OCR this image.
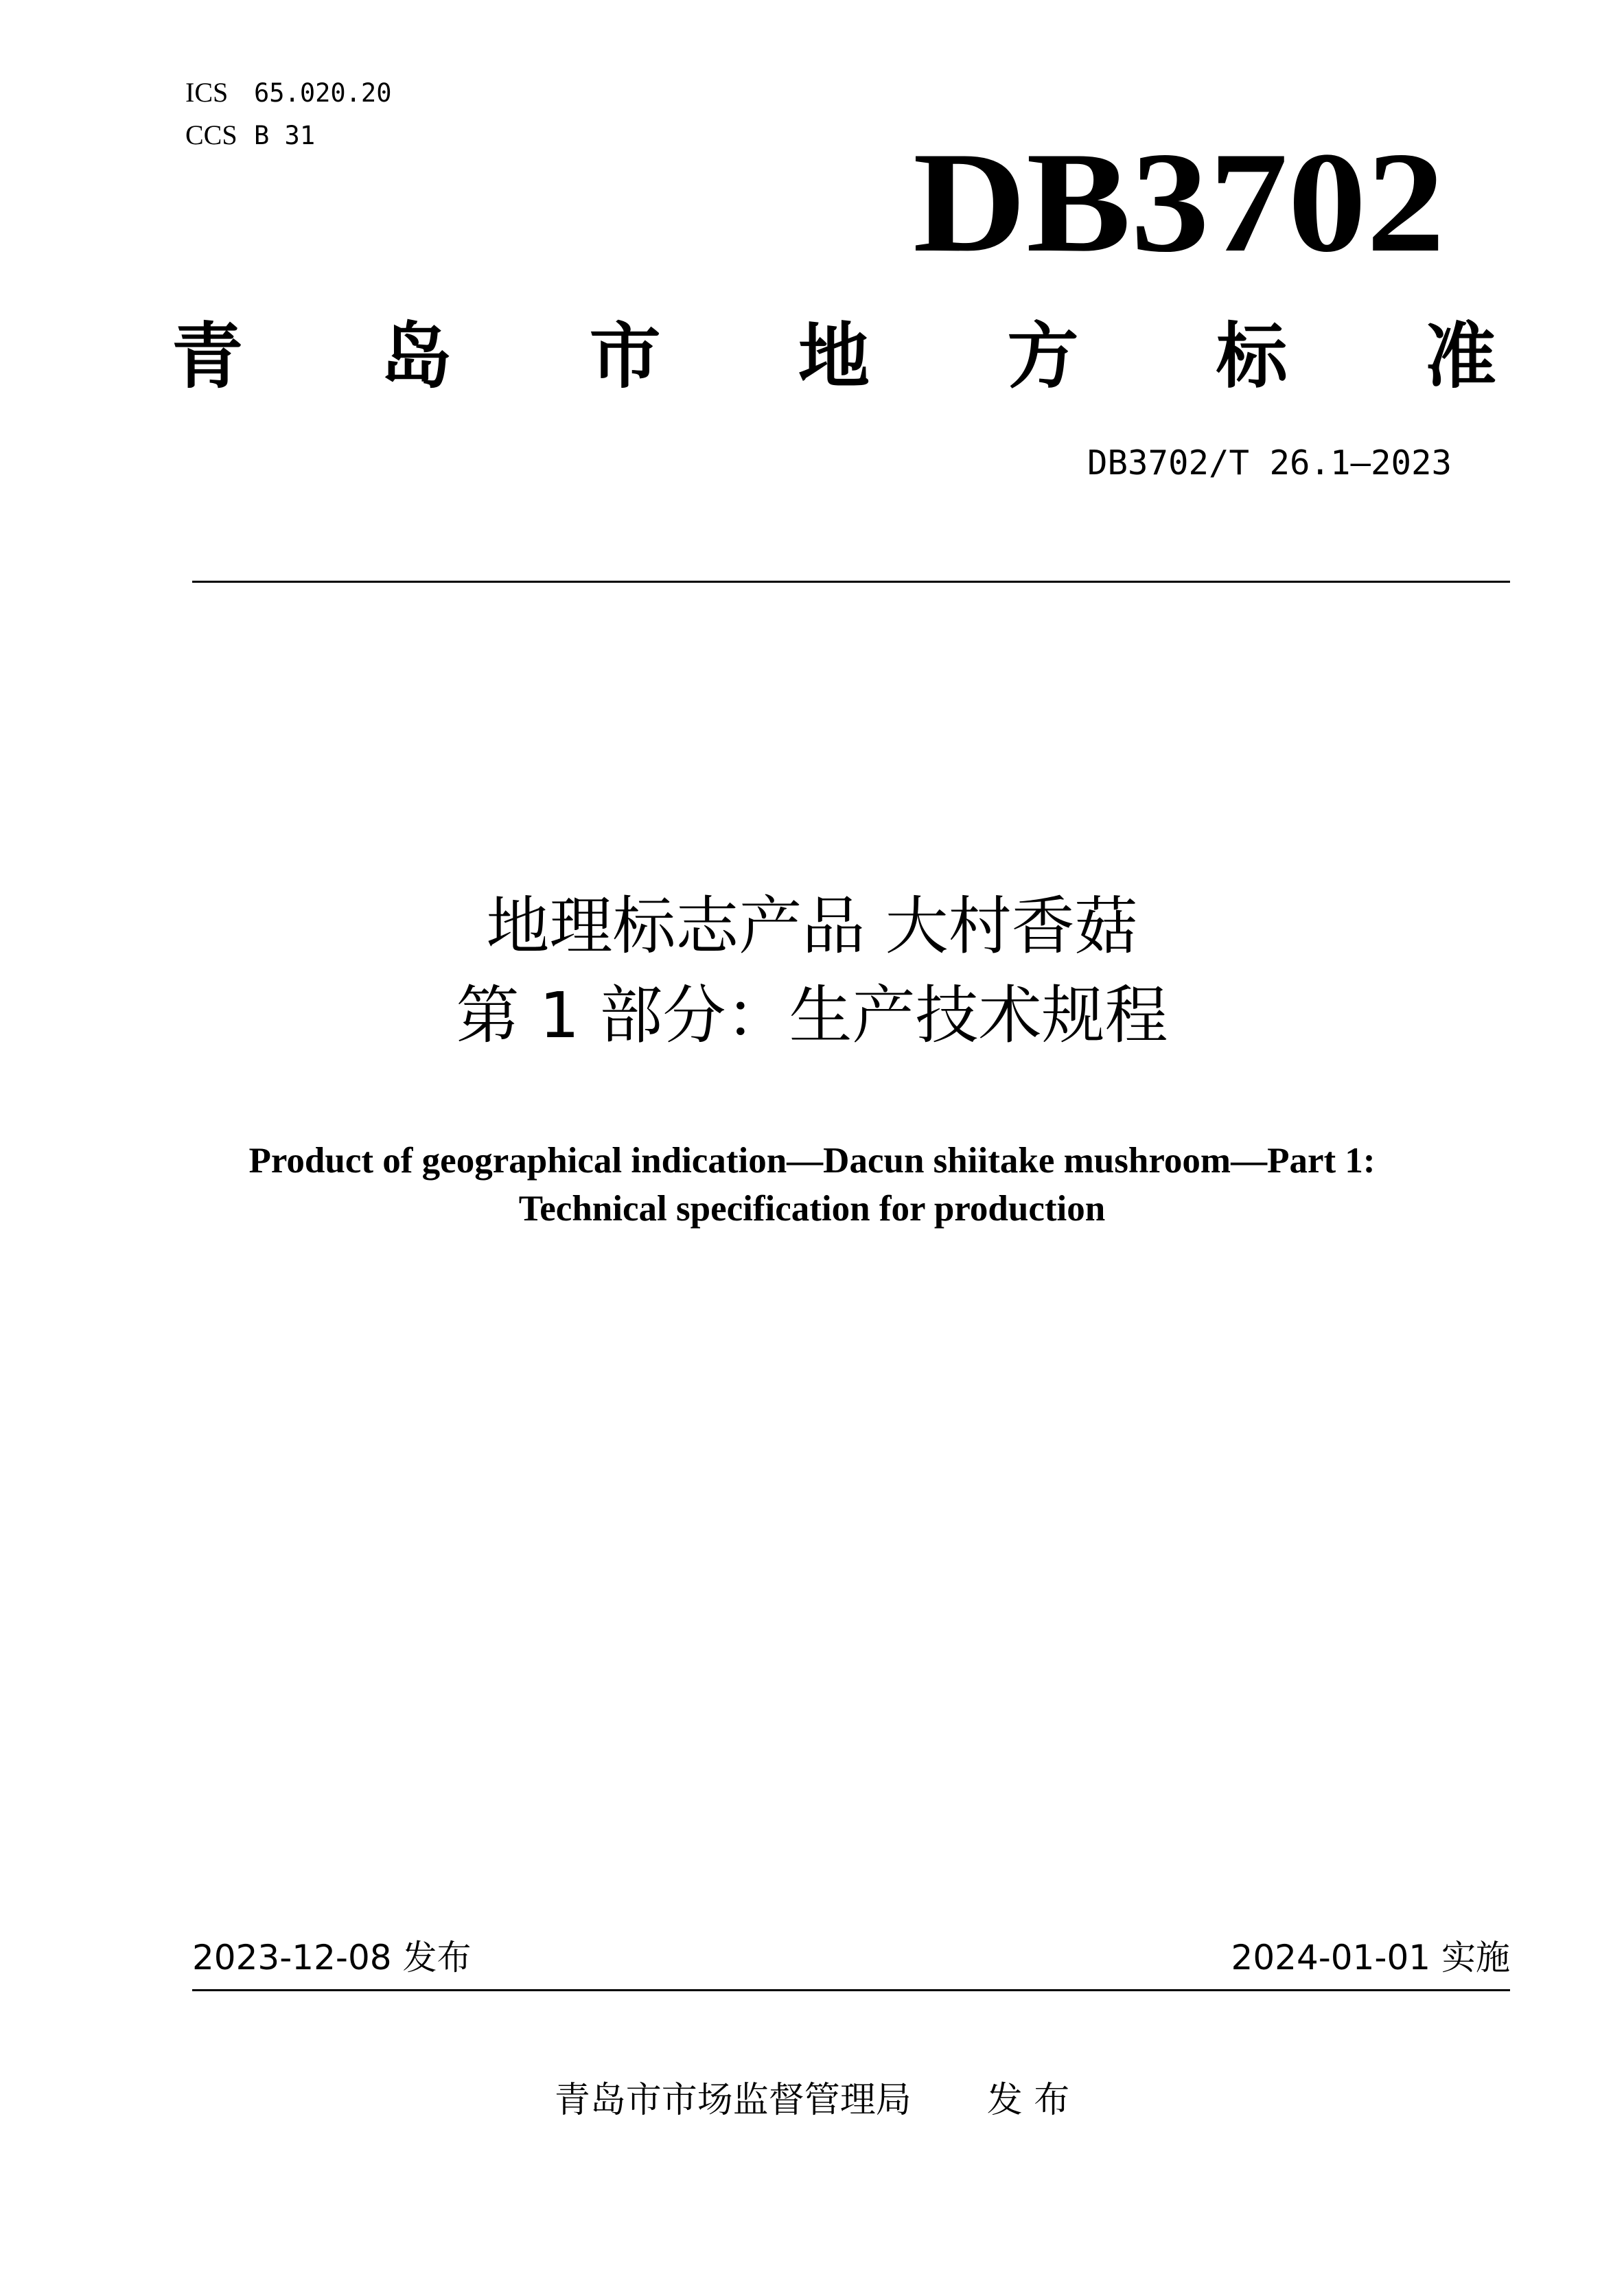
ICS 65.020.20
CCS B 31	DB3702
青 岛 市 地 方 标 准
DB3702/T 26.1—2023
地理标志产品 大村香菇
第 1 部分：生产技术规程
Product of geographical indication—Dacun shiitake mushroom—Part 1:
Technical specification for production
2023-12-08 发布	2024-01-01 实施
青岛市市场监督管理局 发 布
